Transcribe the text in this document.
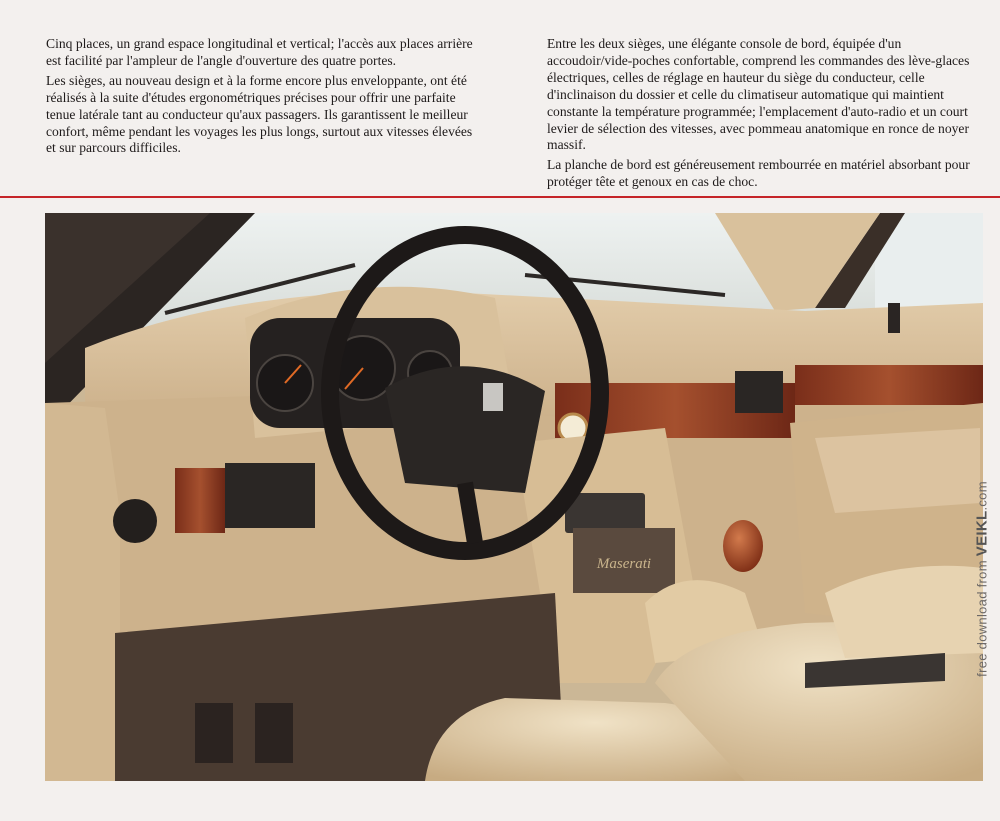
Cinq places, un grand espace longitudinal et vertical; l'accès aux places arrière est facilité par l'ampleur de l'angle d'ouverture des quatre portes.

Les sièges, au nouveau design et à la forme encore plus enveloppante, ont été réalisés à la suite d'études ergonométriques précises pour offrir une parfaite tenue latérale tant au conducteur qu'aux passagers. Ils garantissent le meilleur confort, même pendant les voyages les plus longs, surtout aux vitesses élevées et sur parcours difficiles.

Entre les deux sièges, une élégante console de bord, équipée d'un accoudoir/vide-poches confortable, comprend les commandes des lève-glaces électriques, celles de réglage en hauteur du siège du conducteur, celle d'inclinaison du dossier et celle du climatiseur automatique qui maintient constante la température programmée; l'emplacement d'auto-radio et un court levier de sélection des vitesses, avec pommeau anatomique en ronce de noyer massif.

La planche de bord est généreusement rembourrée en matériel absorbant pour protéger tête et genoux en cas de choc.

Maserati	free download from VEIKL.com
